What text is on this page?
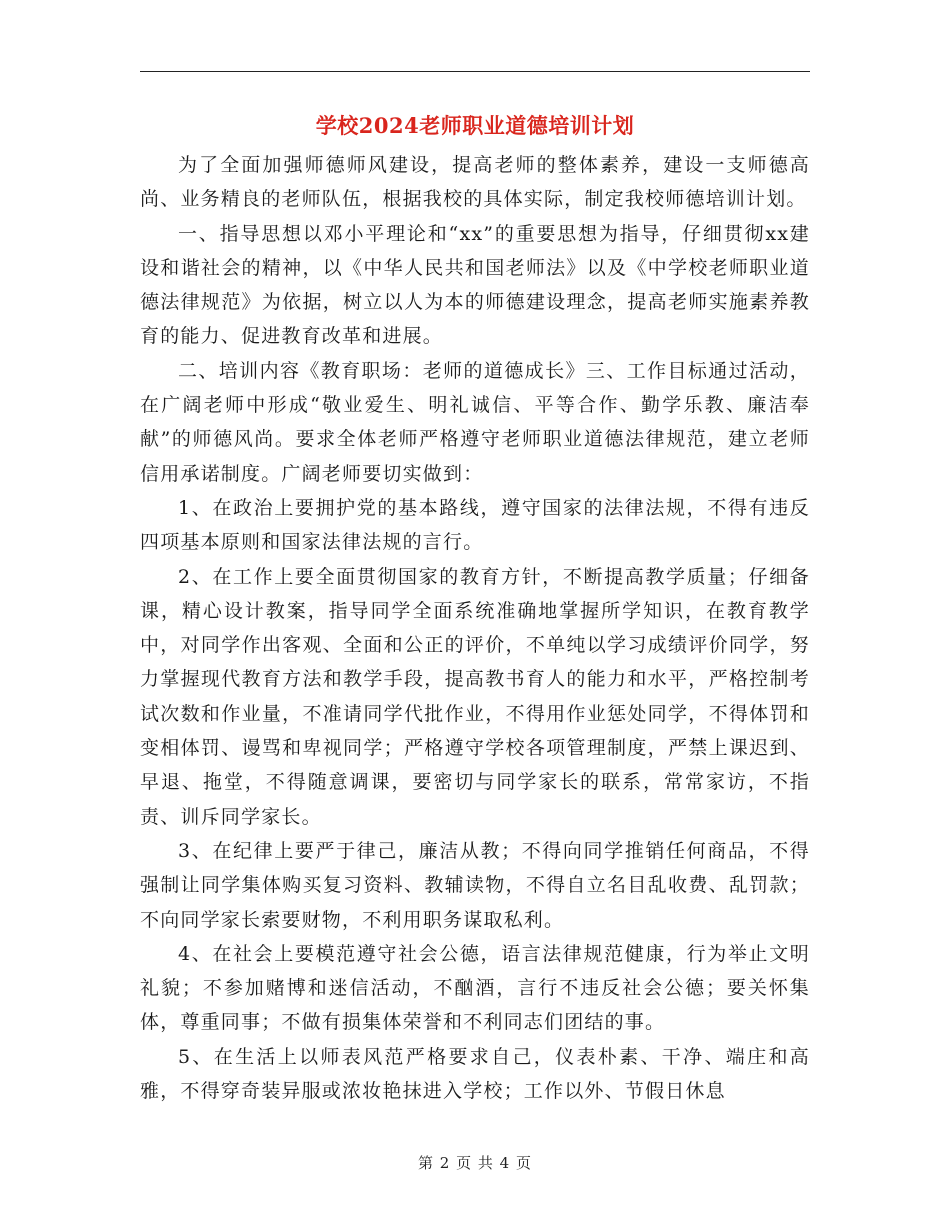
学校2024老师职业道德培训计划

为了全面加强师德师风建设，提高老师的整体素养，建设一支师德高尚、业务精良的老师队伍，根据我校的具体实际，制定我校师德培训计划。

一、指导思想以邓小平理论和“xx”的重要思想为指导，仔细贯彻xx建设和谐社会的精神，以《中华人民共和国老师法》以及《中学校老师职业道德法律规范》为依据，树立以人为本的师德建设理念，提高老师实施素养教育的能力、促进教育改革和进展。

二、培训内容《教育职场：老师的道德成长》三、工作目标通过活动，在广阔老师中形成“敬业爱生、明礼诚信、平等合作、勤学乐教、廉洁奉献”的师德风尚。要求全体老师严格遵守老师职业道德法律规范，建立老师信用承诺制度。广阔老师要切实做到：

1、在政治上要拥护党的基本路线，遵守国家的法律法规，不得有违反四项基本原则和国家法律法规的言行。

2、在工作上要全面贯彻国家的教育方针，不断提高教学质量；仔细备课，精心设计教案，指导同学全面系统准确地掌握所学知识，在教育教学中，对同学作出客观、全面和公正的评价，不单纯以学习成绩评价同学，努力掌握现代教育方法和教学手段，提高教书育人的能力和水平，严格控制考试次数和作业量，不准请同学代批作业，不得用作业惩处同学，不得体罚和变相体罚、谩骂和卑视同学；严格遵守学校各项管理制度，严禁上课迟到、早退、拖堂，不得随意调课，要密切与同学家长的联系，常常家访，不指责、训斥同学家长。

3、在纪律上要严于律己，廉洁从教；不得向同学推销任何商品，不得强制让同学集体购买复习资料、教辅读物，不得自立名目乱收费、乱罚款；不向同学家长索要财物，不利用职务谋取私利。

4、在社会上要模范遵守社会公德，语言法律规范健康，行为举止文明礼貌；不参加赌博和迷信活动，不酗酒，言行不违反社会公德；要关怀集体，尊重同事；不做有损集体荣誉和不利同志们团结的事。

5、在生活上以师表风范严格要求自己，仪表朴素、干净、端庄和高雅，不得穿奇装异服或浓妆艳抹进入学校；工作以外、节假日休息

第 2 页 共 4 页
